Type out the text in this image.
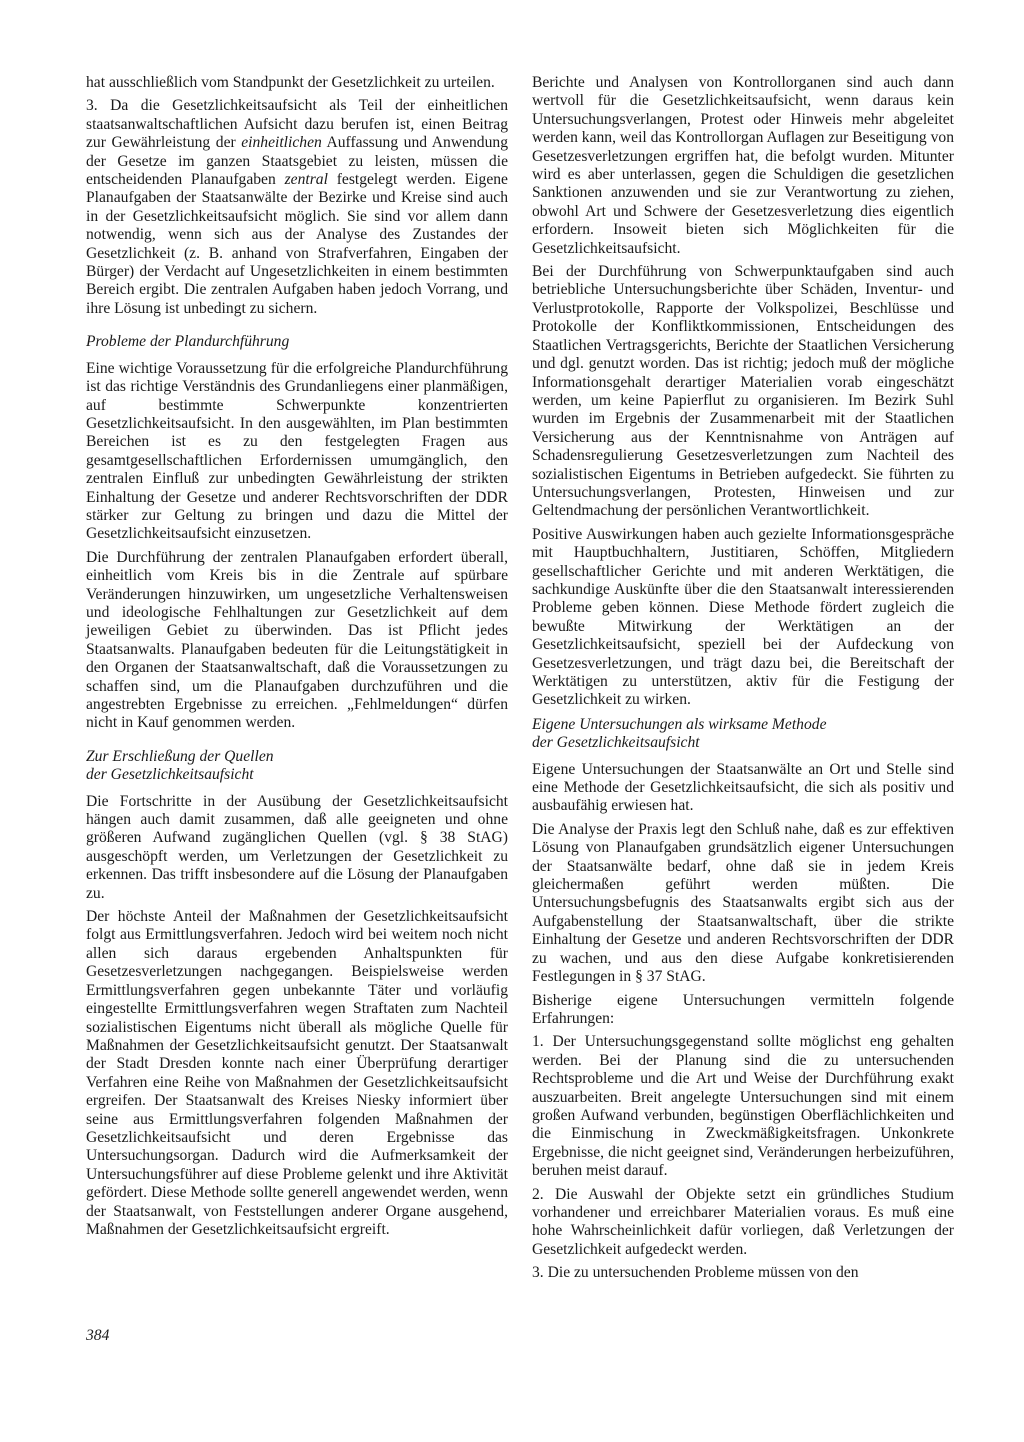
hat ausschließlich vom Standpunkt der Gesetzlichkeit zu urteilen.

3. Da die Gesetzlichkeitsaufsicht als Teil der einheitlichen staatsanwaltschaftlichen Aufsicht dazu berufen ist, einen Beitrag zur Gewährleistung der einheitlichen Auffassung und Anwendung der Gesetze im ganzen Staatsgebiet zu leisten, müssen die entscheidenden Planaufgaben zentral festgelegt werden. Eigene Planaufgaben der Staatsanwälte der Bezirke und Kreise sind auch in der Gesetzlichkeitsaufsicht möglich. Sie sind vor allem dann notwendig, wenn sich aus der Analyse des Zustandes der Gesetzlichkeit (z. B. anhand von Strafverfahren, Eingaben der Bürger) der Verdacht auf Ungesetzlichkeiten in einem bestimmten Bereich ergibt. Die zentralen Aufgaben haben jedoch Vorrang, und ihre Lösung ist unbedingt zu sichern.

Probleme der Plandurchführung

Eine wichtige Voraussetzung für die erfolgreiche Plandurchführung ist das richtige Verständnis des Grundanliegens einer planmäßigen, auf bestimmte Schwerpunkte konzentrierten Gesetzlichkeitsaufsicht. In den ausgewählten, im Plan bestimmten Bereichen ist es zu den festgelegten Fragen aus gesamtgesellschaftlichen Erfordernissen umumgänglich, den zentralen Einfluß zur unbedingten Gewährleistung der strikten Einhaltung der Gesetze und anderer Rechtsvorschriften der DDR stärker zur Geltung zu bringen und dazu die Mittel der Gesetzlichkeitsaufsicht einzusetzen.

Die Durchführung der zentralen Planaufgaben erfordert überall, einheitlich vom Kreis bis in die Zentrale auf spürbare Veränderungen hinzuwirken, um ungesetzliche Verhaltensweisen und ideologische Fehlhaltungen zur Gesetzlichkeit auf dem jeweiligen Gebiet zu überwinden. Das ist Pflicht jedes Staatsanwalts. Planaufgaben bedeuten für die Leitungstätigkeit in den Organen der Staatsanwaltschaft, daß die Voraussetzungen zu schaffen sind, um die Planaufgaben durchzuführen und die angestrebten Ergebnisse zu erreichen. „Fehlmeldungen“ dürfen nicht in Kauf genommen werden.

Zur Erschließung der Quellen
der Gesetzlichkeitsaufsicht

Die Fortschritte in der Ausübung der Gesetzlichkeitsaufsicht hängen auch damit zusammen, daß alle geeigneten und ohne größeren Aufwand zugänglichen Quellen (vgl. § 38 StAG) ausgeschöpft werden, um Verletzungen der Gesetzlichkeit zu erkennen. Das trifft insbesondere auf die Lösung der Planaufgaben zu.

Der höchste Anteil der Maßnahmen der Gesetzlichkeitsaufsicht folgt aus Ermittlungsverfahren. Jedoch wird bei weitem noch nicht allen sich daraus ergebenden Anhaltspunkten für Gesetzesverletzungen nachgegangen. Beispielsweise werden Ermittlungsverfahren gegen unbekannte Täter und vorläufig eingestellte Ermittlungsverfahren wegen Straftaten zum Nachteil sozialistischen Eigentums nicht überall als mögliche Quelle für Maßnahmen der Gesetzlichkeitsaufsicht genutzt. Der Staatsanwalt der Stadt Dresden konnte nach einer Überprüfung derartiger Verfahren eine Reihe von Maßnahmen der Gesetzlichkeitsaufsicht ergreifen. Der Staatsanwalt des Kreises Niesky informiert über seine aus Ermittlungsverfahren folgenden Maßnahmen der Gesetzlichkeitsaufsicht und deren Ergebnisse das Untersuchungsorgan. Dadurch wird die Aufmerksamkeit der Untersuchungsführer auf diese Probleme gelenkt und ihre Aktivität gefördert. Diese Methode sollte generell angewendet werden, wenn der Staatsanwalt, von Feststellungen anderer Organe ausgehend, Maßnahmen der Gesetzlichkeitsaufsicht ergreift.

Berichte und Analysen von Kontrollorganen sind auch dann wertvoll für die Gesetzlichkeitsaufsicht, wenn daraus kein Untersuchungsverlangen, Protest oder Hinweis mehr abgeleitet werden kann, weil das Kontrollorgan Auflagen zur Beseitigung von Gesetzesverletzungen ergriffen hat, die befolgt wurden. Mitunter wird es aber unterlassen, gegen die Schuldigen die gesetzlichen Sanktionen anzuwenden und sie zur Verantwortung zu ziehen, obwohl Art und Schwere der Gesetzesverletzung dies eigentlich erfordern. Insoweit bieten sich Möglichkeiten für die Gesetzlichkeitsaufsicht.

Bei der Durchführung von Schwerpunktaufgaben sind auch betriebliche Untersuchungsberichte über Schäden, Inventur- und Verlustprotokolle, Rapporte der Volkspolizei, Beschlüsse und Protokolle der Konfliktkommissionen, Entscheidungen des Staatlichen Vertragsgerichts, Berichte der Staatlichen Versicherung und dgl. genutzt worden. Das ist richtig; jedoch muß der mögliche Informationsgehalt derartiger Materialien vorab eingeschätzt werden, um keine Papierflut zu organisieren. Im Bezirk Suhl wurden im Ergebnis der Zusammenarbeit mit der Staatlichen Versicherung aus der Kenntnisnahme von Anträgen auf Schadensregulierung Gesetzesverletzungen zum Nachteil des sozialistischen Eigentums in Betrieben aufgedeckt. Sie führten zu Untersuchungsverlangen, Protesten, Hinweisen und zur Geltendmachung der persönlichen Verantwortlichkeit.

Positive Auswirkungen haben auch gezielte Informationsgespräche mit Hauptbuchhaltern, Justitiaren, Schöffen, Mitgliedern gesellschaftlicher Gerichte und mit anderen Werktätigen, die sachkundige Auskünfte über die den Staatsanwalt interessierenden Probleme geben können. Diese Methode fördert zugleich die bewußte Mitwirkung der Werktätigen an der Gesetzlichkeitsaufsicht, speziell bei der Aufdeckung von Gesetzesverletzungen, und trägt dazu bei, die Bereitschaft der Werktätigen zu unterstützen, aktiv für die Festigung der Gesetzlichkeit zu wirken.

Eigene Untersuchungen als wirksame Methode
der Gesetzlichkeitsaufsicht

Eigene Untersuchungen der Staatsanwälte an Ort und Stelle sind eine Methode der Gesetzlichkeitsaufsicht, die sich als positiv und ausbaufähig erwiesen hat.

Die Analyse der Praxis legt den Schluß nahe, daß es zur effektiven Lösung von Planaufgaben grundsätzlich eigener Untersuchungen der Staatsanwälte bedarf, ohne daß sie in jedem Kreis gleichermaßen geführt werden müßten. Die Untersuchungsbefugnis des Staatsanwalts ergibt sich aus der Aufgabenstellung der Staatsanwaltschaft, über die strikte Einhaltung der Gesetze und anderen Rechtsvorschriften der DDR zu wachen, und aus den diese Aufgabe konkretisierenden Festlegungen in § 37 StAG.

Bisherige eigene Untersuchungen vermitteln folgende Erfahrungen:

1. Der Untersuchungsgegenstand sollte möglichst eng gehalten werden. Bei der Planung sind die zu untersuchenden Rechtsprobleme und die Art und Weise der Durchführung exakt auszuarbeiten. Breit angelegte Untersuchungen sind mit einem großen Aufwand verbunden, begünstigen Oberflächlichkeiten und die Einmischung in Zweckmäßigkeitsfragen. Unkonkrete Ergebnisse, die nicht geeignet sind, Veränderungen herbeizuführen, beruhen meist darauf.

2. Die Auswahl der Objekte setzt ein gründliches Studium vorhandener und erreichbarer Materialien voraus. Es muß eine hohe Wahrscheinlichkeit dafür vorliegen, daß Verletzungen der Gesetzlichkeit aufgedeckt werden.

3. Die zu untersuchenden Probleme müssen von den

384
